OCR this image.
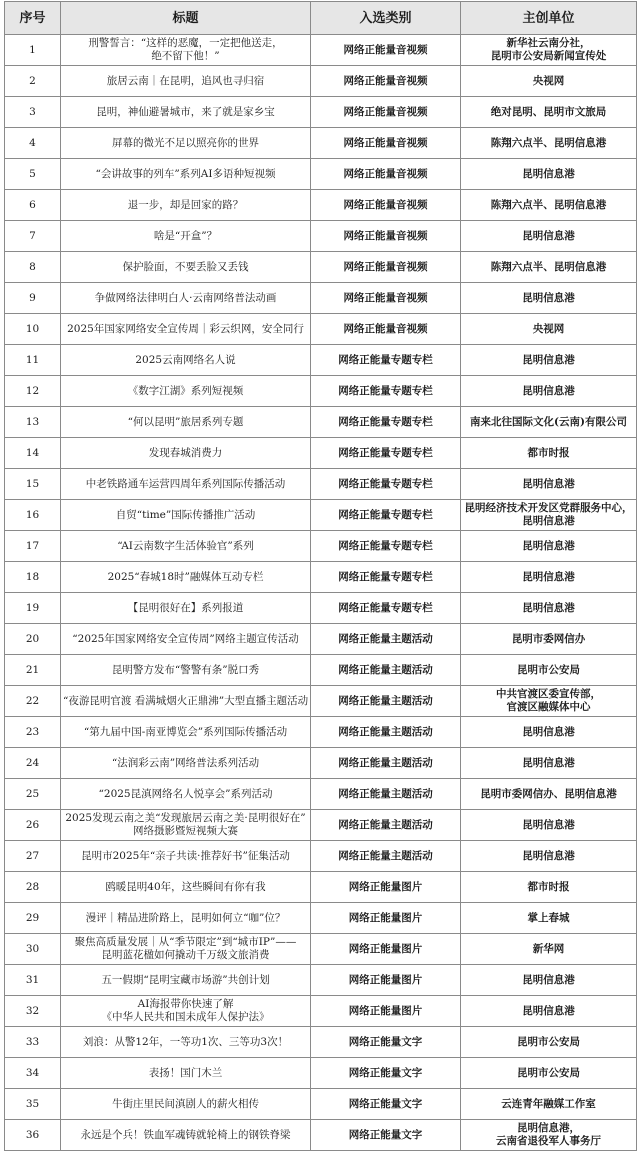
序号	标题	入选类别	主创单位
1	刑警誓言：“这样的恶魔，一定把他送走，
绝不留下他！”	网络正能量音视频	新华社云南分社，
昆明市公安局新闻宣传处
2	旅居云南｜在昆明，追风也寻归宿	网络正能量音视频	央视网
3	昆明，神仙避暑城市，来了就是家乡宝	网络正能量音视频	绝对昆明、昆明市文旅局
4	屏幕的微光不足以照亮你的世界	网络正能量音视频	陈翔六点半、昆明信息港
5	“会讲故事的列车”系列AI多语种短视频	网络正能量音视频	昆明信息港
6	退一步，却是回家的路？	网络正能量音视频	陈翔六点半、昆明信息港
7	啥是“开盒”？	网络正能量音视频	昆明信息港
8	保护脸面，不要丢脸又丢钱	网络正能量音视频	陈翔六点半、昆明信息港
9	争做网络法律明白人·云南网络普法动画	网络正能量音视频	昆明信息港
10	2025年国家网络安全宣传周｜彩云织网，安全同行	网络正能量音视频	央视网
11	2025云南网络名人说	网络正能量专题专栏	昆明信息港
12	《数字江湖》系列短视频	网络正能量专题专栏	昆明信息港
13	“何以昆明”旅居系列专题	网络正能量专题专栏	南来北往国际文化(云南)有限公司
14	发现春城消费力	网络正能量专题专栏	都市时报
15	中老铁路通车运营四周年系列国际传播活动	网络正能量专题专栏	昆明信息港
16	自贸“time”国际传播推广活动	网络正能量专题专栏	昆明经济技术开发区党群服务中心，
昆明信息港
17	“AI云南数字生活体验官”系列	网络正能量专题专栏	昆明信息港
18	2025“春城18时”融媒体互动专栏	网络正能量专题专栏	昆明信息港
19	【昆明很好在】系列报道	网络正能量专题专栏	昆明信息港
20	“2025年国家网络安全宣传周”网络主题宣传活动	网络正能量主题活动	昆明市委网信办
21	昆明警方发布“警警有条”脱口秀	网络正能量主题活动	昆明市公安局
22	“夜游昆明官渡 看满城烟火正鼎沸”大型直播主题活动	网络正能量主题活动	中共官渡区委宣传部，
官渡区融媒体中心
23	“第九届中国-南亚博览会”系列国际传播活动	网络正能量主题活动	昆明信息港
24	“法润彩云南”网络普法系列活动	网络正能量主题活动	昆明信息港
25	“2025昆滇网络名人悦享会”系列活动	网络正能量主题活动	昆明市委网信办、昆明信息港
26	2025发现云南之美“发现旅居云南之美·昆明很好在”
网络摄影暨短视频大赛	网络正能量主题活动	昆明信息港
27	昆明市2025年“亲子共读·推荐好书”征集活动	网络正能量主题活动	昆明信息港
28	鸥暖昆明40年，这些瞬间有你有我	网络正能量图片	都市时报
29	漫评｜精品进阶路上，昆明如何立“咖”位？	网络正能量图片	掌上春城
30	聚焦高质量发展｜从“季节限定”到“城市IP”——
昆明蓝花楹如何撬动千万级文旅消费	网络正能量图片	新华网
31	五一假期“昆明宝藏市场游”共创计划	网络正能量图片	昆明信息港
32	AI海报带你快速了解
《中华人民共和国未成年人保护法》	网络正能量图片	昆明信息港
33	刘浪：从警12年，一等功1次、三等功3次！	网络正能量文字	昆明市公安局
34	表扬！国门木兰	网络正能量文字	昆明市公安局
35	牛街庄里民间滇剧人的薪火相传	网络正能量文字	云连青年融媒工作室
36	永远是个兵！铁血军魂铸就轮椅上的钢铁脊梁	网络正能量文字	昆明信息港，
云南省退役军人事务厅
